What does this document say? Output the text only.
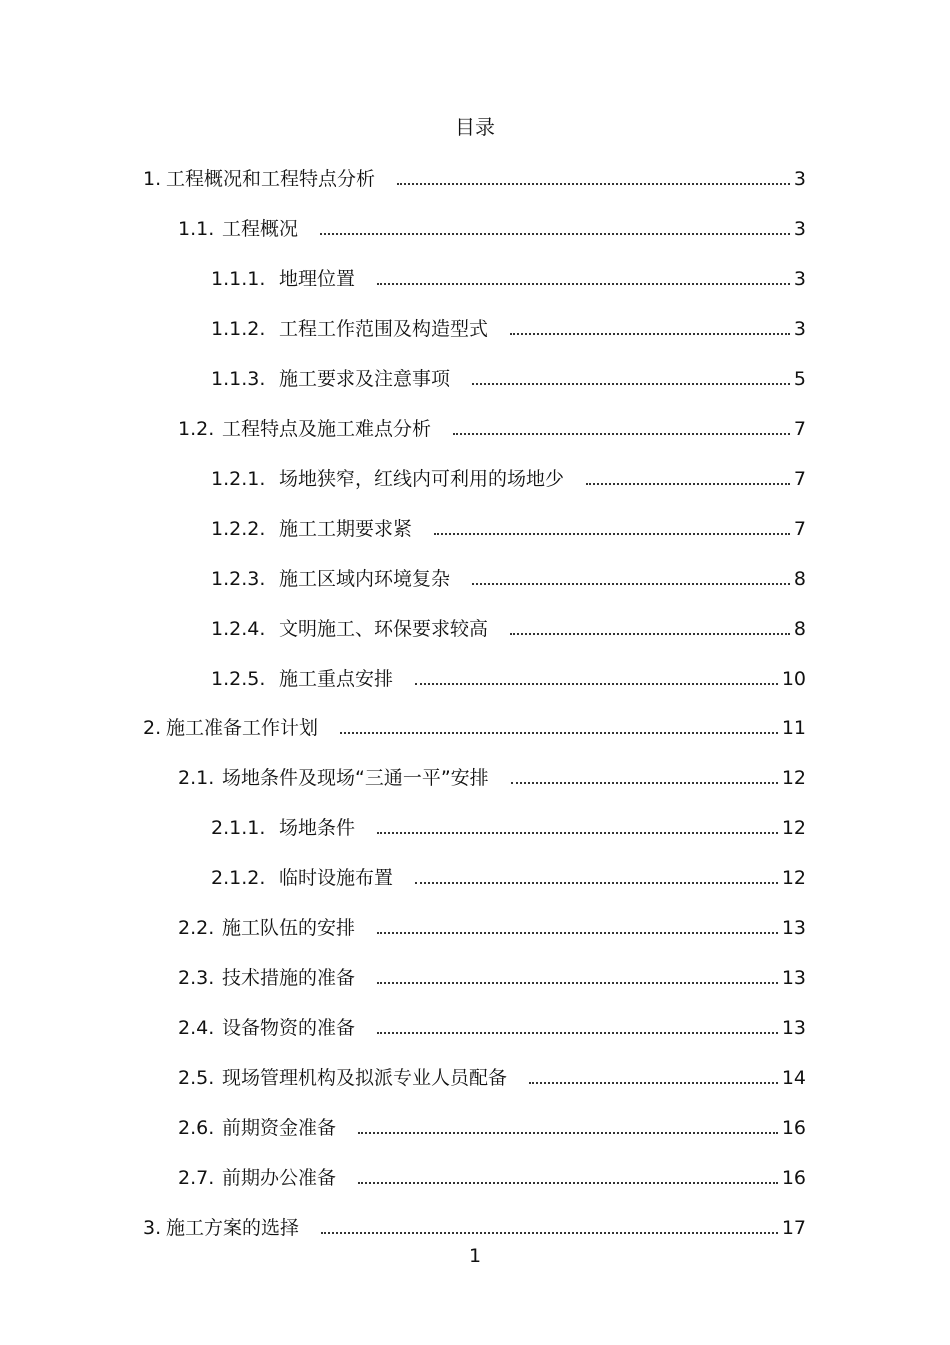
目录
1. 工程概况和工程特点分析	3
1.1. 工程概况	3
1.1.1. 地理位置	3
1.1.2. 工程工作范围及构造型式	3
1.1.3. 施工要求及注意事项	5
1.2. 工程特点及施工难点分析	7
1.2.1. 场地狭窄，红线内可利用的场地少	7
1.2.2. 施工工期要求紧	7
1.2.3. 施工区域内环境复杂	8
1.2.4. 文明施工、环保要求较高	8
1.2.5. 施工重点安排	10
2. 施工准备工作计划	11
2.1. 场地条件及现场“三通一平”安排	12
2.1.1. 场地条件	12
2.1.2. 临时设施布置	12
2.2. 施工队伍的安排	13
2.3. 技术措施的准备	13
2.4. 设备物资的准备	13
2.5. 现场管理机构及拟派专业人员配备	14
2.6. 前期资金准备	16
2.7. 前期办公准备	16
3. 施工方案的选择	17
1
